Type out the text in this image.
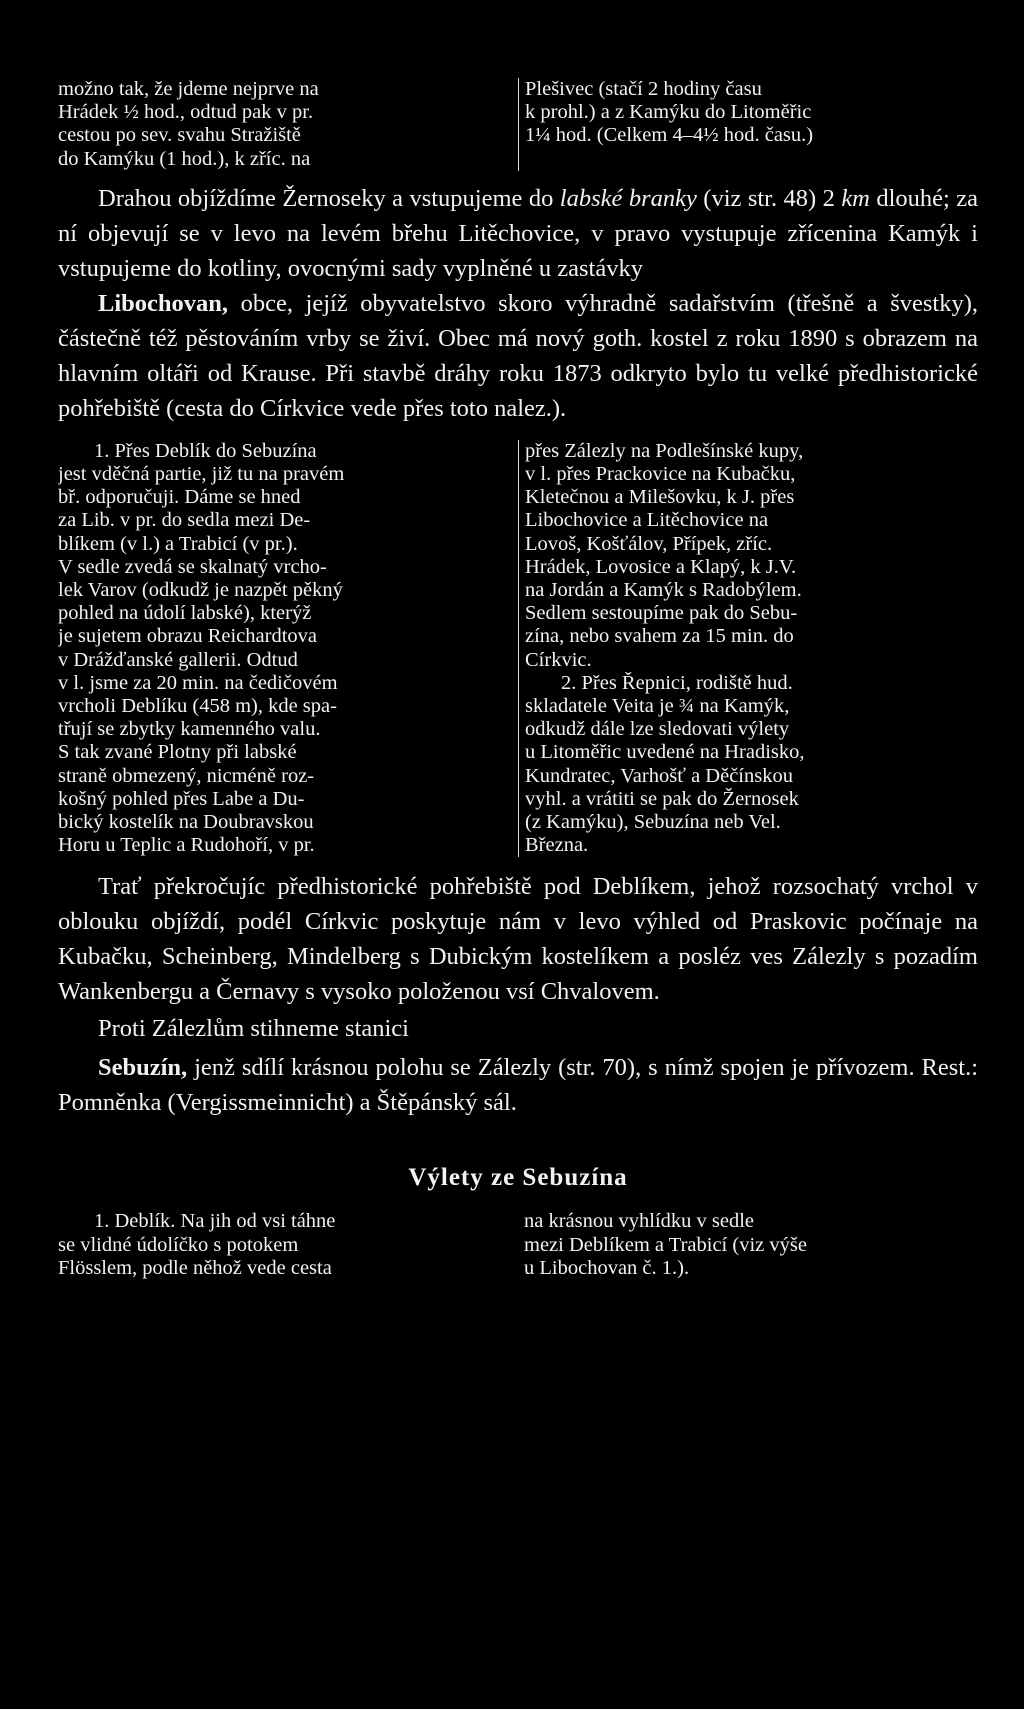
možno tak, že jdeme nejprve na
Hrádek ½ hod., odtud pak v pr.
cestou po sev. svahu Stražiště
do Kamýku (1 hod.), k zříc. na
Plešivec (stačí 2 hodiny času
k prohl.) a z Kamýku do Litoměřic
1¼ hod. (Celkem 4–4½ hod. času.)

Drahou objíždíme Žernoseky a vstupujeme do labské branky (viz str. 48) 2 km dlouhé; za ní objevují se v levo na levém břehu Litěchovice, v pravo vystupuje zřícenina Kamýk i vstupujeme do kotliny, ovocnými sady vyplněné u zastávky

Libochovan, obce, jejíž obyvatelstvo skoro výhradně sadařstvím (třešně a švestky), částečně též pěstováním vrby se živí. Obec má nový goth. kostel z roku 1890 s obrazem na hlavním oltáři od Krause. Při stavbě dráhy roku 1873 odkryto bylo tu velké předhistorické pohřebiště (cesta do Církvice vede přes toto nalez.).

1. Přes Deblík do Sebuzína
jest vděčná partie, již tu na pravém
bř. odporučuji. Dáme se hned
za Lib. v pr. do sedla mezi De-
blíkem (v l.) a Trabicí (v pr.).
V sedle zvedá se skalnatý vrcho-
lek Varov (odkudž je nazpět pěkný
pohled na údolí labské), kterýž
je sujetem obrazu Reichardtova
v Drážďanské gallerii. Odtud
v l. jsme za 20 min. na čedičovém
vrcholi Deblíku (458 m), kde spa-
třují se zbytky kamenného valu.
S tak zvané Plotny při labské
straně obmezený, nicméně roz-
košný pohled přes Labe a Du-
bický kostelík na Doubravskou
Horu u Teplic a Rudohoří, v pr.
přes Zálezly na Podlešínské kupy,
v l. přes Prackovice na Kubačku,
Kletečnou a Milešovku, k J. přes
Libochovice a Litěchovice na
Lovoš, Košťálov, Přípek, zříc.
Hrádek, Lovosice a Klapý, k J.V.
na Jordán a Kamýk s Radobýlem.
Sedlem sestoupíme pak do Sebu-
zína, nebo svahem za 15 min. do
Církvic.
2. Přes Řepnici, rodiště hud.
skladatele Veita je ¾ na Kamýk,
odkudž dále lze sledovati výlety
u Litoměřic uvedené na Hradisko,
Kundratec, Varhošť a Děčínskou
vyhl. a vrátiti se pak do Žernosek
(z Kamýku), Sebuzína neb Vel.
Března.

Trať překročujíc předhistorické pohřebiště pod Deblíkem, jehož rozsochatý vrchol v oblouku objíždí, podél Církvic poskytuje nám v levo výhled od Praskovic počínaje na Kubačku, Scheinberg, Mindelberg s Dubickým kostelíkem a posléz ves Zálezly s pozadím Wankenbergu a Černavy s vysoko položenou vsí Chvalovem.

Proti Zálezlům stihneme stanici

Sebuzín, jenž sdílí krásnou polohu se Zálezly (str. 70), s nímž spojen je přívozem. Rest.: Pomněnka (Vergissmeinnicht) a Štěpánský sál.

Výlety ze Sebuzína
1. Deblík. Na jih od vsi táhne
se vlidné údolíčko s potokem
Flösslem, podle něhož vede cesta
na krásnou vyhlídku v sedle
mezi Deblíkem a Trabicí (viz výše
u Libochovan č. 1.).
